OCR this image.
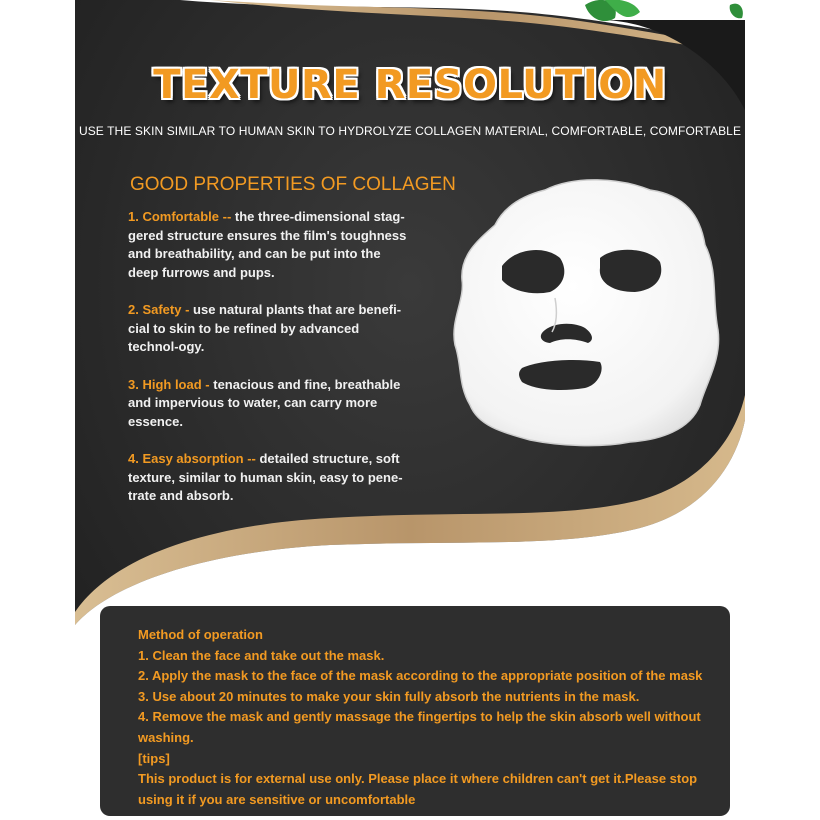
TEXTURE RESOLUTION
USE THE SKIN SIMILAR TO HUMAN SKIN TO HYDROLYZE COLLAGEN MATERIAL, COMFORTABLE, COMFORTABLE
GOOD PROPERTIES OF COLLAGEN
1. Comfortable -- the three-dimensional stag-gered structure ensures the film's toughness and breathability, and can be put into the deep furrows and pups.
2. Safety - use natural plants that are benefi-cial to skin to be refined by advanced technol-ogy.
3. High load - tenacious and fine, breathable and impervious to water, can carry more essence.
4. Easy absorption -- detailed structure, soft texture, similar to human skin, easy to pene-trate and absorb.
Method of operation
1. Clean the face and take out the mask.
2. Apply the mask to the face of the mask according to the appropriate position of the mask
3. Use about 20 minutes to make your skin fully absorb the nutrients in the mask.
4. Remove the mask and gently massage the fingertips to help the skin absorb well without washing.
[tips]
This product is for external use only. Please place it where children can't get it.Please stop using it if you are sensitive or uncomfortable
